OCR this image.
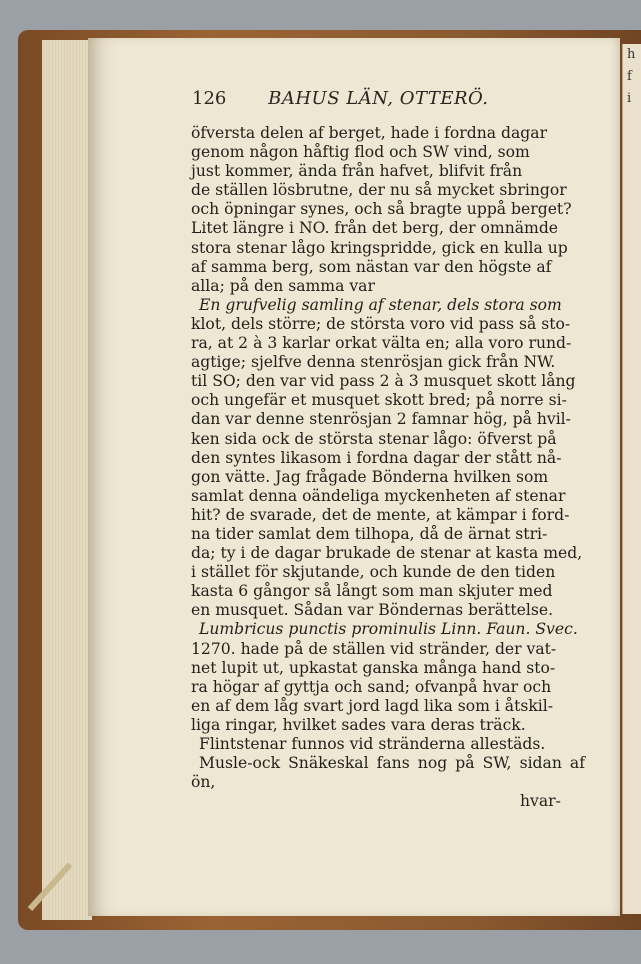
h
f
i
126 BAHUS LÄN, OTTERÖ.

öfversta delen af berget, hade i fordna dagar

genom någon håftig flod och SW vind, som

just kommer, ända från hafvet, blifvit från

de ställen lösbrutne, der nu så mycket sbringor

och öpningar synes, och så bragte uppå berget?

Litet längre i NO. från det berg, der omnämde

stora stenar lågo kringspridde, gick en kulla up

af samma berg, som nästan var den högste af

alla; på den samma var

En grufvelig samling af stenar, dels stora som

klot, dels större; de största voro vid pass så sto-

ra, at 2 à 3 karlar orkat välta en; alla voro rund-

agtige; sjelfve denna stenrösjan gick från NW.

til SO; den var vid pass 2 à 3 musquet skott lång

och ungefär et musquet skott bred; på norre si-

dan var denne stenrösjan 2 famnar hög, på hvil-

ken sida ock de största stenar lågo: öfverst på

den syntes likasom i fordna dagar der stått nå-

gon vätte. Jag frågade Bönderna hvilken som

samlat denna oändeliga myckenheten af stenar

hit? de svarade, det de mente, at kämpar i ford-

na tider samlat dem tilhopa, då de ärnat stri-

da; ty i de dagar brukade de stenar at kasta med,

i stället för skjutande, och kunde de den tiden

kasta 6 gångor så långt som man skjuter med

en musquet. Sådan var Böndernas berättelse.

Lumbricus punctis prominulis Linn. Faun. Svec.

1270. hade på de ställen vid stränder, der vat-

net lupit ut, upkastat ganska många hand sto-

ra högar af gyttja och sand; ofvanpå hvar och

en af dem låg svart jord lagd lika som i åtskil-

liga ringar, hvilket sades vara deras träck.

Flintstenar funnos vid stränderna allestäds.

Musle-ock Snäkeskal fans nog på SW, sidan af ön,

hvar-
